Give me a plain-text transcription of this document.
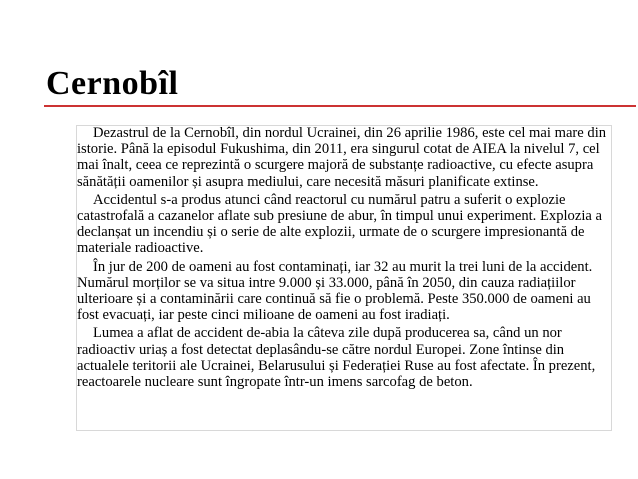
Cernobîl

Dezastrul de la Cernobîl, din nordul Ucrainei, din 26 aprilie 1986, este cel mai mare din istorie. Până la episodul Fukushima, din 2011, era singurul cotat de AIEA la nivelul 7, cel mai înalt, ceea ce reprezintă o scurgere majoră de substanțe radioactive, cu efecte asupra sănătății oamenilor și asupra mediului, care necesită măsuri planificate extinse.

Accidentul s-a produs atunci când reactorul cu numărul patru a suferit o explozie catastrofală a cazanelor aflate sub presiune de abur, în timpul unui experiment. Explozia a declanșat un incendiu și o serie de alte explozii, urmate de o scurgere impresionantă de materiale radioactive.

În jur de 200 de oameni au fost contaminați, iar 32 au murit la trei luni de la accident. Numărul morților se va situa intre 9.000 și 33.000, până în 2050, din cauza radiațiilor ulterioare și a contaminării care continuă să fie o problemă. Peste 350.000 de oameni au fost evacuați, iar peste cinci milioane de oameni au fost iradiați.

Lumea a aflat de accident de-abia la câteva zile după producerea sa, când un nor radioactiv uriaș a fost detectat deplasându-se către nordul Europei. Zone întinse din actualele teritorii ale Ucrainei, Belarusului și Federației Ruse au fost afectate. În prezent, reactoarele nucleare sunt îngropate într-un imens sarcofag de beton.
